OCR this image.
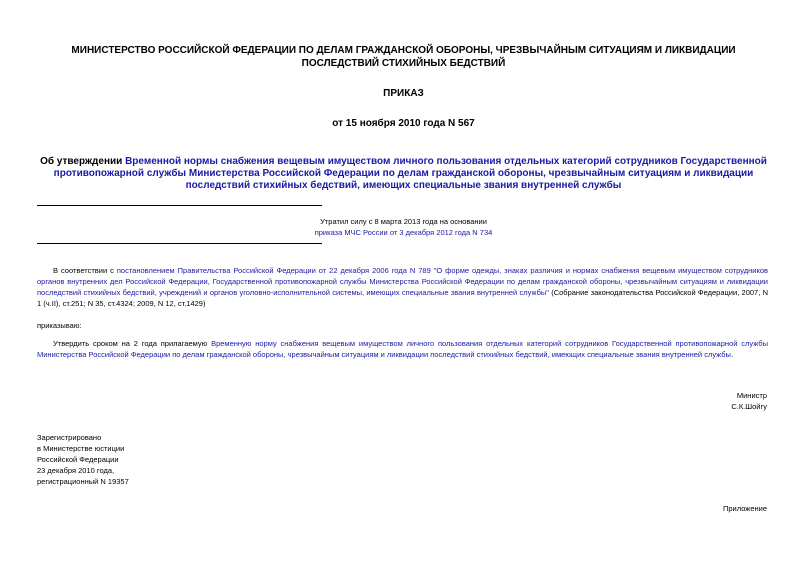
МИНИСТЕРСТВО РОССИЙСКОЙ ФЕДЕРАЦИИ ПО ДЕЛАМ ГРАЖДАНСКОЙ ОБОРОНЫ, ЧРЕЗВЫЧАЙНЫМ СИТУАЦИЯМ И ЛИКВИДАЦИИ ПОСЛЕДСТВИЙ СТИХИЙНЫХ БЕДСТВИЙ
ПРИКАЗ
от 15 ноября 2010 года N 567
Об утверждении Временной нормы снабжения вещевым имуществом личного пользования отдельных категорий сотрудников Государственной противопожарной службы Министерства Российской Федерации по делам гражданской обороны, чрезвычайным ситуациям и ликвидации последствий стихийных бедствий, имеющих специальные звания внутренней службы
Утратил силу с 8 марта 2013 года на основании
приказа МЧС России от 3 декабря 2012 года N 734
В соответствии с постановлением Правительства Российской Федерации от 22 декабря 2006 года N 789 "О форме одежды, знаках различия и нормах снабжения вещевым имуществом сотрудников органов внутренних дел Российской Федерации, Государственной противопожарной службы Министерства Российской Федерации по делам гражданской обороны, чрезвычайным ситуациям и ликвидации последствий стихийных бедствий, учреждений и органов уголовно-исполнительной системы, имеющих специальные звания внутренней службы" (Собрание законодательства Российской Федерации, 2007, N 1 (ч.II), ст.251; N 35, ст.4324; 2009, N 12, ст.1429)
приказываю:
Утвердить сроком на 2 года прилагаемую Временную норму снабжения вещевым имуществом личного пользования отдельных категорий сотрудников Государственной противопожарной службы Министерства Российской Федерации по делам гражданской обороны, чрезвычайным ситуациям и ликвидации последствий стихийных бедствий, имеющих специальные звания внутренней службы.
Министр
С.К.Шойгу
Зарегистрировано
в Министерстве юстиции
Российской Федерации
23 декабря 2010 года,
регистрационный N 19357
Приложение
